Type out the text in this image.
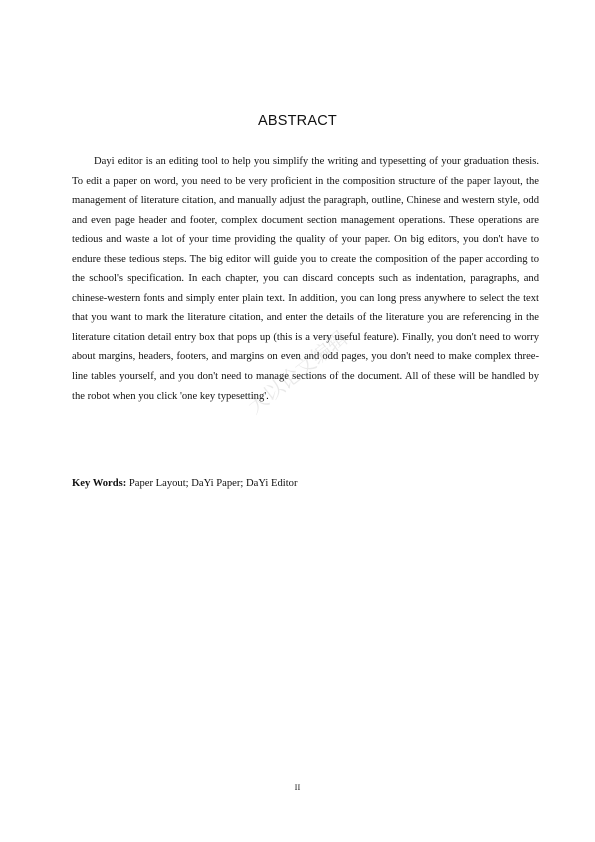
ABSTRACT

Dayi editor is an editing tool to help you simplify the writing and typesetting of your graduation thesis. To edit a paper on word, you need to be very proficient in the composition structure of the paper layout, the management of literature citation, and manually adjust the paragraph, outline, Chinese and western style, odd and even page header and footer, complex document section management operations. These operations are tedious and waste a lot of your time providing the quality of your paper. On big editors, you don't have to endure these tedious steps. The big editor will guide you to create the composition of the paper according to the school's specification. In each chapter, you can discard concepts such as indentation, paragraphs, and chinese-western fonts and simply enter plain text. In addition, you can long press anywhere to select the text that you want to mark the literature citation, and enter the details of the literature you are referencing in the literature citation detail entry box that pops up (this is a very useful feature). Finally, you don't need to worry about margins, headers, footers, and margins on even and odd pages, you don't need to make complex three-line tables yourself, and you don't need to manage sections of the document. All of these will be handled by the robot when you click 'one key typesetting'.

Key Words: Paper Layout; DaYi Paper; DaYi Editor

大以论文编辑
II
